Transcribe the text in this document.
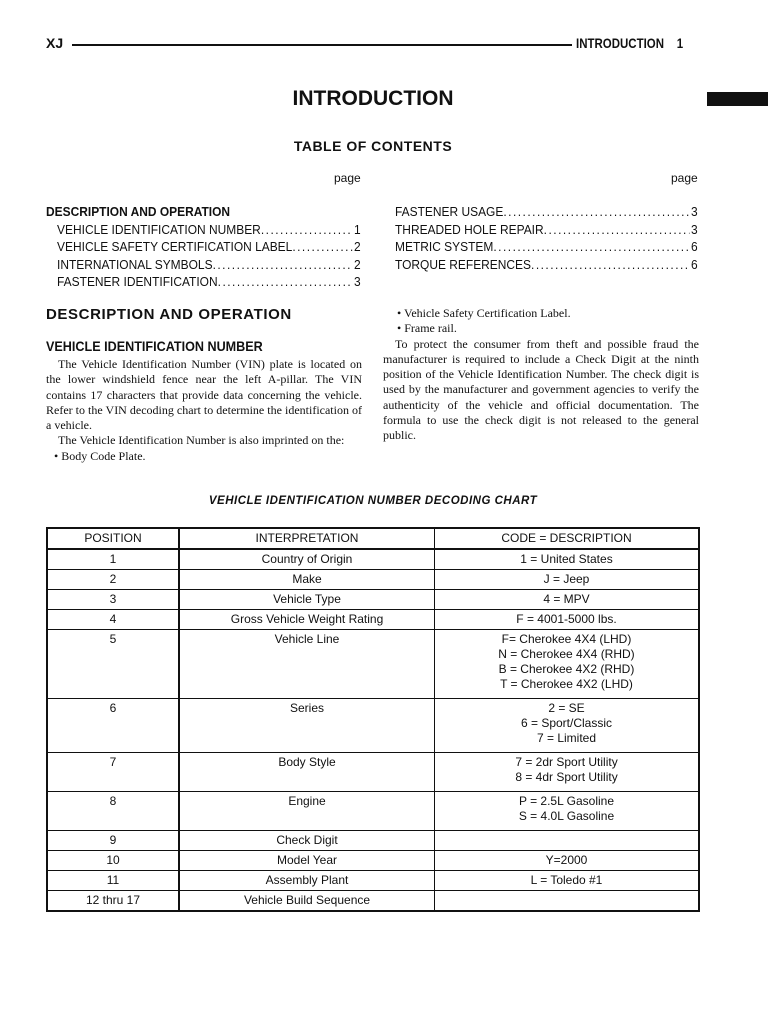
XJ	INTRODUCTION 1
INTRODUCTION
TABLE OF CONTENTS
page	page
DESCRIPTION AND OPERATION
VEHICLE IDENTIFICATION NUMBER . . .	1
VEHICLE SAFETY CERTIFICATION LABEL . . .	2
INTERNATIONAL SYMBOLS . . .	2
FASTENER IDENTIFICATION . . .	3
FASTENER USAGE . . .	3
THREADED HOLE REPAIR . . .	3
METRIC SYSTEM . . .	6
TORQUE REFERENCES . . .	6
DESCRIPTION AND OPERATION
VEHICLE IDENTIFICATION NUMBER

The Vehicle Identification Number (VIN) plate is located on the lower windshield fence near the left A-pillar. The VIN contains 17 characters that provide data concerning the vehicle. Refer to the VIN decoding chart to determine the identification of a vehicle.

The Vehicle Identification Number is also imprinted on the:

• Body Code Plate.

• Vehicle Safety Certification Label.

• Frame rail.

To protect the consumer from theft and possible fraud the manufacturer is required to include a Check Digit at the ninth position of the Vehicle Identification Number. The check digit is used by the manufacturer and government agencies to verify the authenticity of the vehicle and official documentation. The formula to use the check digit is not released to the general public.

VEHICLE IDENTIFICATION NUMBER DECODING CHART
POSITION	INTERPRETATION	CODE = DESCRIPTION
1	Country of Origin	1 = United States

2	Make	J = Jeep

3	Vehicle Type	4 = MPV

4	Gross Vehicle Weight Rating	F = 4001-5000 lbs.

5	Vehicle Line	F= Cherokee 4X4 (LHD)
N = Cherokee 4X4 (RHD)
B = Cherokee 4X2 (RHD)
T = Cherokee 4X2 (LHD)

6	Series	2 = SE
6 = Sport/Classic
7 = Limited

7	Body Style	7 = 2dr Sport Utility
8 = 4dr Sport Utility

8	Engine	P = 2.5L Gasoline
S = 4.0L Gasoline

9	Check Digit	
10	Model Year	Y=2000

11	Assembly Plant	L = Toledo #1

12 thru 17	Vehicle Build Sequence	
